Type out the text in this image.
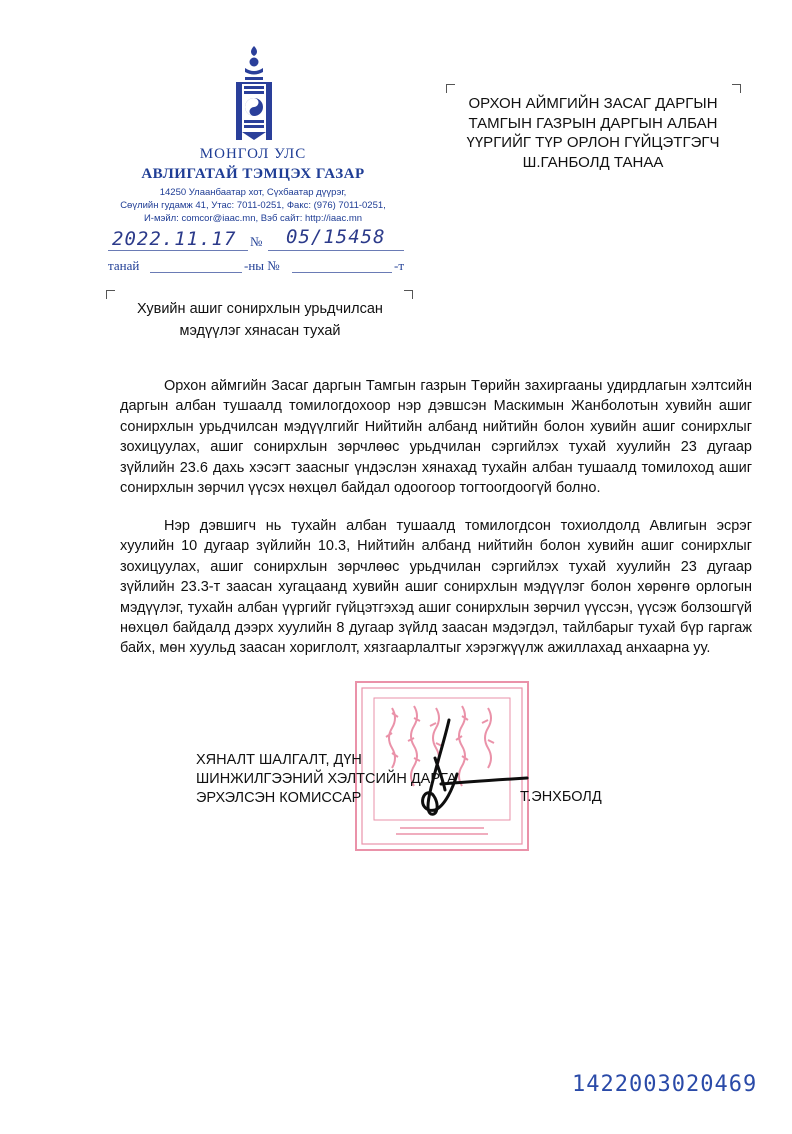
МОНГОЛ УЛС
АВЛИГАТАЙ ТЭМЦЭХ ГАЗАР
14250 Улаанбаатар хот, Сүхбаатар дүүрэг,
Сөүлийн гудамж 41, Утас: 7011-0251, Факс: (976) 7011-0251,
И-мэйл: comcor@iaac.mn, Вэб сайт: http://iaac.mn
2022.11.17 № 05/15458
танай	-ны №	-т
ОРХОН АЙМГИЙН ЗАСАГ ДАРГЫН
ТАМГЫН ГАЗРЫН ДАРГЫН АЛБАН
ҮҮРГИЙГ ТҮР ОРЛОН ГҮЙЦЭТГЭГЧ
Ш.ГАНБОЛД ТАНАА
Хувийн ашиг сонирхлын урьдчилсан
мэдүүлэг хянасан тухай
Орхон аймгийн Засаг даргын Тамгын газрын Төрийн захиргааны удирдлагын хэлтсийн даргын албан тушаалд томилогдохоор нэр дэвшсэн Маскимын Жанболотын хувийн ашиг сонирхлын урьдчилсан мэдүүлгийг Нийтийн албанд нийтийн болон хувийн ашиг сонирхлыг зохицуулах, ашиг сонирхлын зөрчлөөс урьдчилан сэргийлэх тухай хуулийн 23 дугаар зүйлийн 23.6 дахь хэсэгт заасныг үндэслэн хянахад тухайн албан тушаалд томилоход ашиг сонирхлын зөрчил үүсэх нөхцөл байдал одоогоор тогтоогдоогүй болно.
Нэр дэвшигч нь тухайн албан тушаалд томилогдсон тохиолдолд Авлигын эсрэг хуулийн 10 дугаар зүйлийн 10.3, Нийтийн албанд нийтийн болон хувийн ашиг сонирхлыг зохицуулах, ашиг сонирхлын зөрчлөөс урьдчилан сэргийлэх тухай хуулийн 23 дугаар зүйлийн 23.3-т заасан хугацаанд хувийн ашиг сонирхлын мэдүүлэг болон хөрөнгө орлогын мэдүүлэг, тухайн албан үүргийг гүйцэтгэхэд ашиг сонирхлын зөрчил үүссэн, үүсэж болзошгүй нөхцөл байдалд дээрх хуулийн 8 дугаар зүйлд заасан мэдэгдэл, тайлбарыг тухай бүр гаргаж байх, мөн хуульд заасан хориглолт, хязгаарлалтыг хэрэгжүүлж ажиллахад анхаарна уу.
ХЯНАЛТ ШАЛГАЛТ, ДҮН
ШИНЖИЛГЭЭНИЙ ХЭЛТСИЙН ДАРГА
ЭРХЭЛСЭН КОМИССАР	Т.ЭНХБОЛД
1422003020469
